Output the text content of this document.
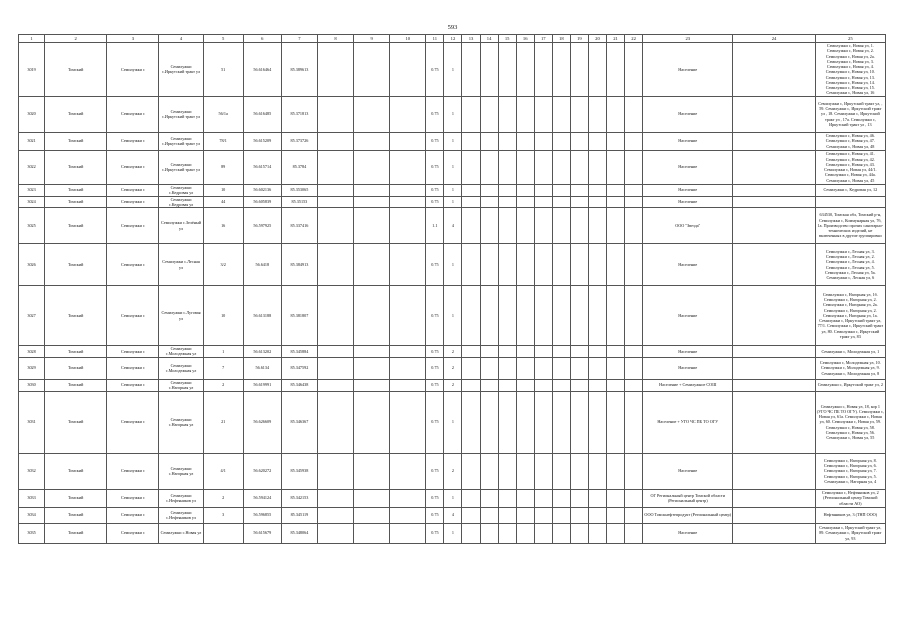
593
1	2	3	4	5	6	7	8	9	10	11	12	13	14	15	16	17	18	19	20	21	22	23	24	25
3019	Томский	Семилужки с	Семилужки с.Иркутский тракт ул	51	56.616464	85.389613				0.75	1											Население		Семилужки с, Новая ул, 1. Семилужки с, Новая ул, 2. Семилужки с, Новая ул, 2а. Семилужки с, Новая ул, 3. Семилужки с, Новая ул, 4. Семилужки с, Новая ул, 10. Семилужки с, Новая ул, 13. Семилужки с, Новая ул, 14. Семилужки с, Новая ул, 15. Семилужки с, Новая ул, 16
3020	Томский	Семилужки с	Семилужки с.Иркутский тракт ул	56/1а	56.616485	85.371813				0.75	1											Население		Семилужки с, Иркутский тракт ул, , 59. Семилужки с, Иркутский тракт ул , 18. Семилужки с, Иркутский тракт ул , 17а. Семилужки с, Иркутский тракт ул , 13
3021	Томский	Семилужки с	Семилужки с.Иркутский тракт ул	78/1	56.615209	85.373726				0.75	1											Население		Семилужки с, Новая ул, 46. Семилужки с, Новая ул, 47. Семилужки с, Новая ул, 48
3022	Томский	Семилужки с	Семилужки с.Иркутский тракт ул	89	56.615714	85.3784				0.75	1											Население		Семилужки с, Новая ул, 41. Семилужки с, Новая ул, 42. Семилужки с, Новая ул, 43. Семилужки с, Новая ул, 44/1. Семилужки с, Новая ул, 44а. Семилужки с, Новая ул, 45
3023	Томский	Семилужки с	Семилужки с.Кедровая ул	10	56.602136	85.353065				0.75	1											Население		Семилужки с, Кедровая ул, 12
3024	Томский	Семилужки с	Семилужки с.Кедровая ул	44	56.605839	85.35153				0.75	1											Население		
3025	Томский	Семилужки с	Семилужки с.Зелёный ул	16	56.597925	85.337416				1.1	4											ООО "Звезда"		634530, Томская обл, Томский р-н, Семилужки с, Коммунарная ул, 7б, 1а. Производство прочих санитарно-технических изделий, не включенных в другие группировки
3026	Томский	Семилужки с	Семилужки с.Лесная ул	3/2	56.6418	85.384913				0.75	1											Население		Семилужки с, Лесная ул, 3. Семилужки с, Лесная ул, 2. Семилужки с, Лесная ул, 4. Семилужки с, Лесная ул, 5. Семилужки с, Лесная ул, 5а. Семилужки с, Лесная ул, 6
3027	Томский	Семилужки с	Семилужки с.Луговая ул	10	56.613188	85.381807				0.75	1											Население		Семилужки с, Нагорная ул, 1б. Семилужки с, Нагорная ул, 2. Семилужки с, Нагорная ул, 2а. Семилужки с, Нагорная ул, 2. Семилужки с, Нагорная ул, 1а. Семилужки с, Иркутский тракт ул, 77/1. Семилужки с, Иркутский тракт ул, 80. Семилужки с, Иркутский тракт ул, 83
3028	Томский	Семилужки с	Семилужки с.Молодежная ул	1	56.613202	85.345884				0.75	2											Население		Семилужки с, Молодежная ул, 1
3029	Томский	Семилужки с	Семилужки с.Молодежная ул	7	56.6134	85.347592				0.75	2											Население		Семилужки с, Молодежная ул, 10. Семилужки с, Молодежная ул, 9. Семилужки с, Молодежная ул, 8
3030	Томский	Семилужки с	Семилужки с.Нагорная ул	2	56.619991	85.346438				0.75	2											Население + Семилужное СОШ		Семилужки с, Иркутский тракт ул, 2
3031	Томский	Семилужки с	Семилужки с.Нагорная ул	21	56.626609	85.346367				0.75	1											Население + УГО ЧС ПБ ТО ОГУ		Семилужки с, Новая ул, 18, кор 1 (УГО ЧС ПБ ТО ОГУ). Семилужки с, Новая ул, 61а. Семилужки с, Новая ул, 60. Семилужки с, Новая ул, 59. Семилужки с, Новая ул, 58. Семилужки с, Новая ул, 56. Семилужки с, Новая ул, 55
3032	Томский	Семилужки с	Семилужки с.Нагорная ул	4/1	56.620272	85.345938				0.75	2											Население		Семилужки с, Нагорная ул, 8. Семилужки с, Нагорная ул, 6. Семилужки с, Нагорная ул, 7. Семилужки с, Нагорная ул, 5. Семилужки с, Нагорная ул, 4
3033	Томский	Семилужки с	Семилужки с.Нефтяников ул	2	56.594124	85.342153				0.75	1											ОГ Региональный центр Томской области (Региональный центр)		Семилужки с, Нефтяников ул, 2 (Региональный центр Томской области АО)
3034	Томский	Семилужки с	Семилужки с.Нефтяников ул	3	56.596855	85.345119				0.75	4											ООО Томскнефтепродукт (Региональный центр)		Нефтяников ул, 3 (ТНП ООО)
3035	Томский	Семилужки с	Семилужки с.Новая ул		56.615679	85.348064				0.75	1											Население		Семилужки с, Иркутский тракт ул, 89. Семилужки с, Иркутский тракт ул, 93
